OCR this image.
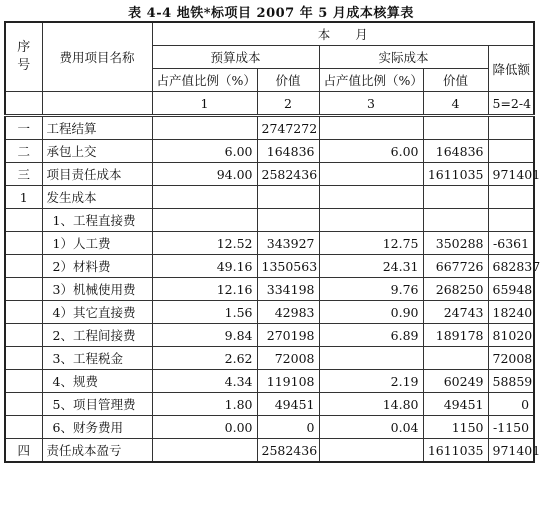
表 4-4 地铁*标项目 2007 年 5 月成本核算表
序
号	费用项目名称	本　　月				
		预算成本		实际成本		降低额
		占产值比例（%）	价值	占产值比例（%）	价值	
		1	2	3	4	5=2-4
一	工程结算		2747272			
二	承包上交	6.00	164836	6.00	164836	
三	项目责任成本	94.00	2582436		1611035	971401
1	发生成本					
	1、工程直接费					
	1）人工费	12.52	343927	12.75	350288	-6361
	2）材料费	49.16	1350563	24.31	667726	682837
	3）机械使用费	12.16	334198	9.76	268250	65948
	4）其它直接费	1.56	42983	0.90	24743	18240
	2、工程间接费	9.84	270198	6.89	189178	81020
	3、工程税金	2.62	72008			72008
	4、规费	4.34	119108	2.19	60249	58859
	5、项目管理费	1.80	49451	14.80	49451	0
	6、财务费用	0.00	0	0.04	1150	-1150
四	责任成本盈亏		2582436		1611035	971401
